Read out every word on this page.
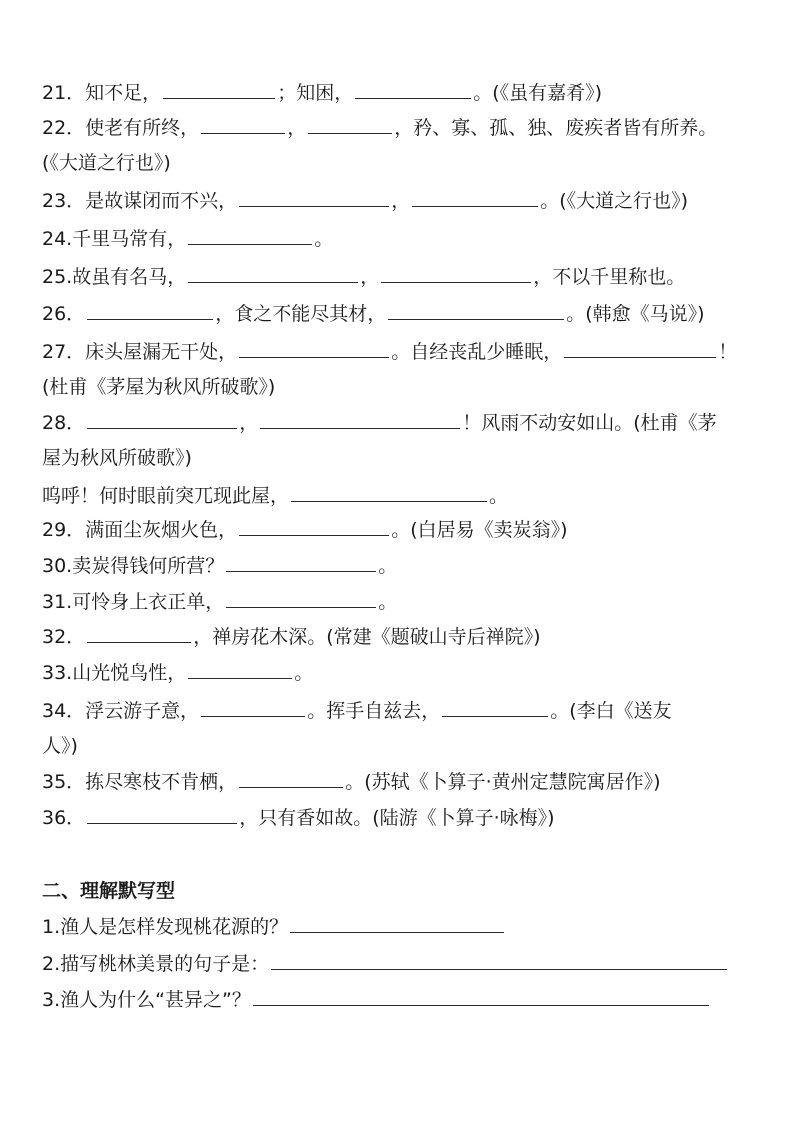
21．知不足，	；知困，	。(《虽有嘉肴》)
22．使老有所终，	，	，矜、寡、孤、独、废疾者皆有所养。
(《大道之行也》)
23．是故谋闭而不兴，	，	。(《大道之行也》)
24.千里马常有，	。
25.故虽有名马，	，	，不以千里称也。
26．	，食之不能尽其材，	。(韩愈《马说》)
27．床头屋漏无干处，	。自经丧乱少睡眠，	！
(杜甫《茅屋为秋风所破歌》)
28．	，	！风雨不动安如山。(杜甫《茅
屋为秋风所破歌》)
呜呼！何时眼前突兀现此屋，	。
29．满面尘灰烟火色，	。(白居易《卖炭翁》)
30.卖炭得钱何所营？	。
31.可怜身上衣正单，	。
32．	，禅房花木深。(常建《题破山寺后禅院》)
33.山光悦鸟性，	。
34．浮云游子意，	。挥手自兹去，	。(李白《送友
人》)
35．拣尽寒枝不肯栖，	。(苏轼《卜算子·黄州定慧院寓居作》)
36．	，只有香如故。(陆游《卜算子·咏梅》)
二、理解默写型
1.渔人是怎样发现桃花源的？
2.描写桃林美景的句子是：
3.渔人为什么“甚异之”？
